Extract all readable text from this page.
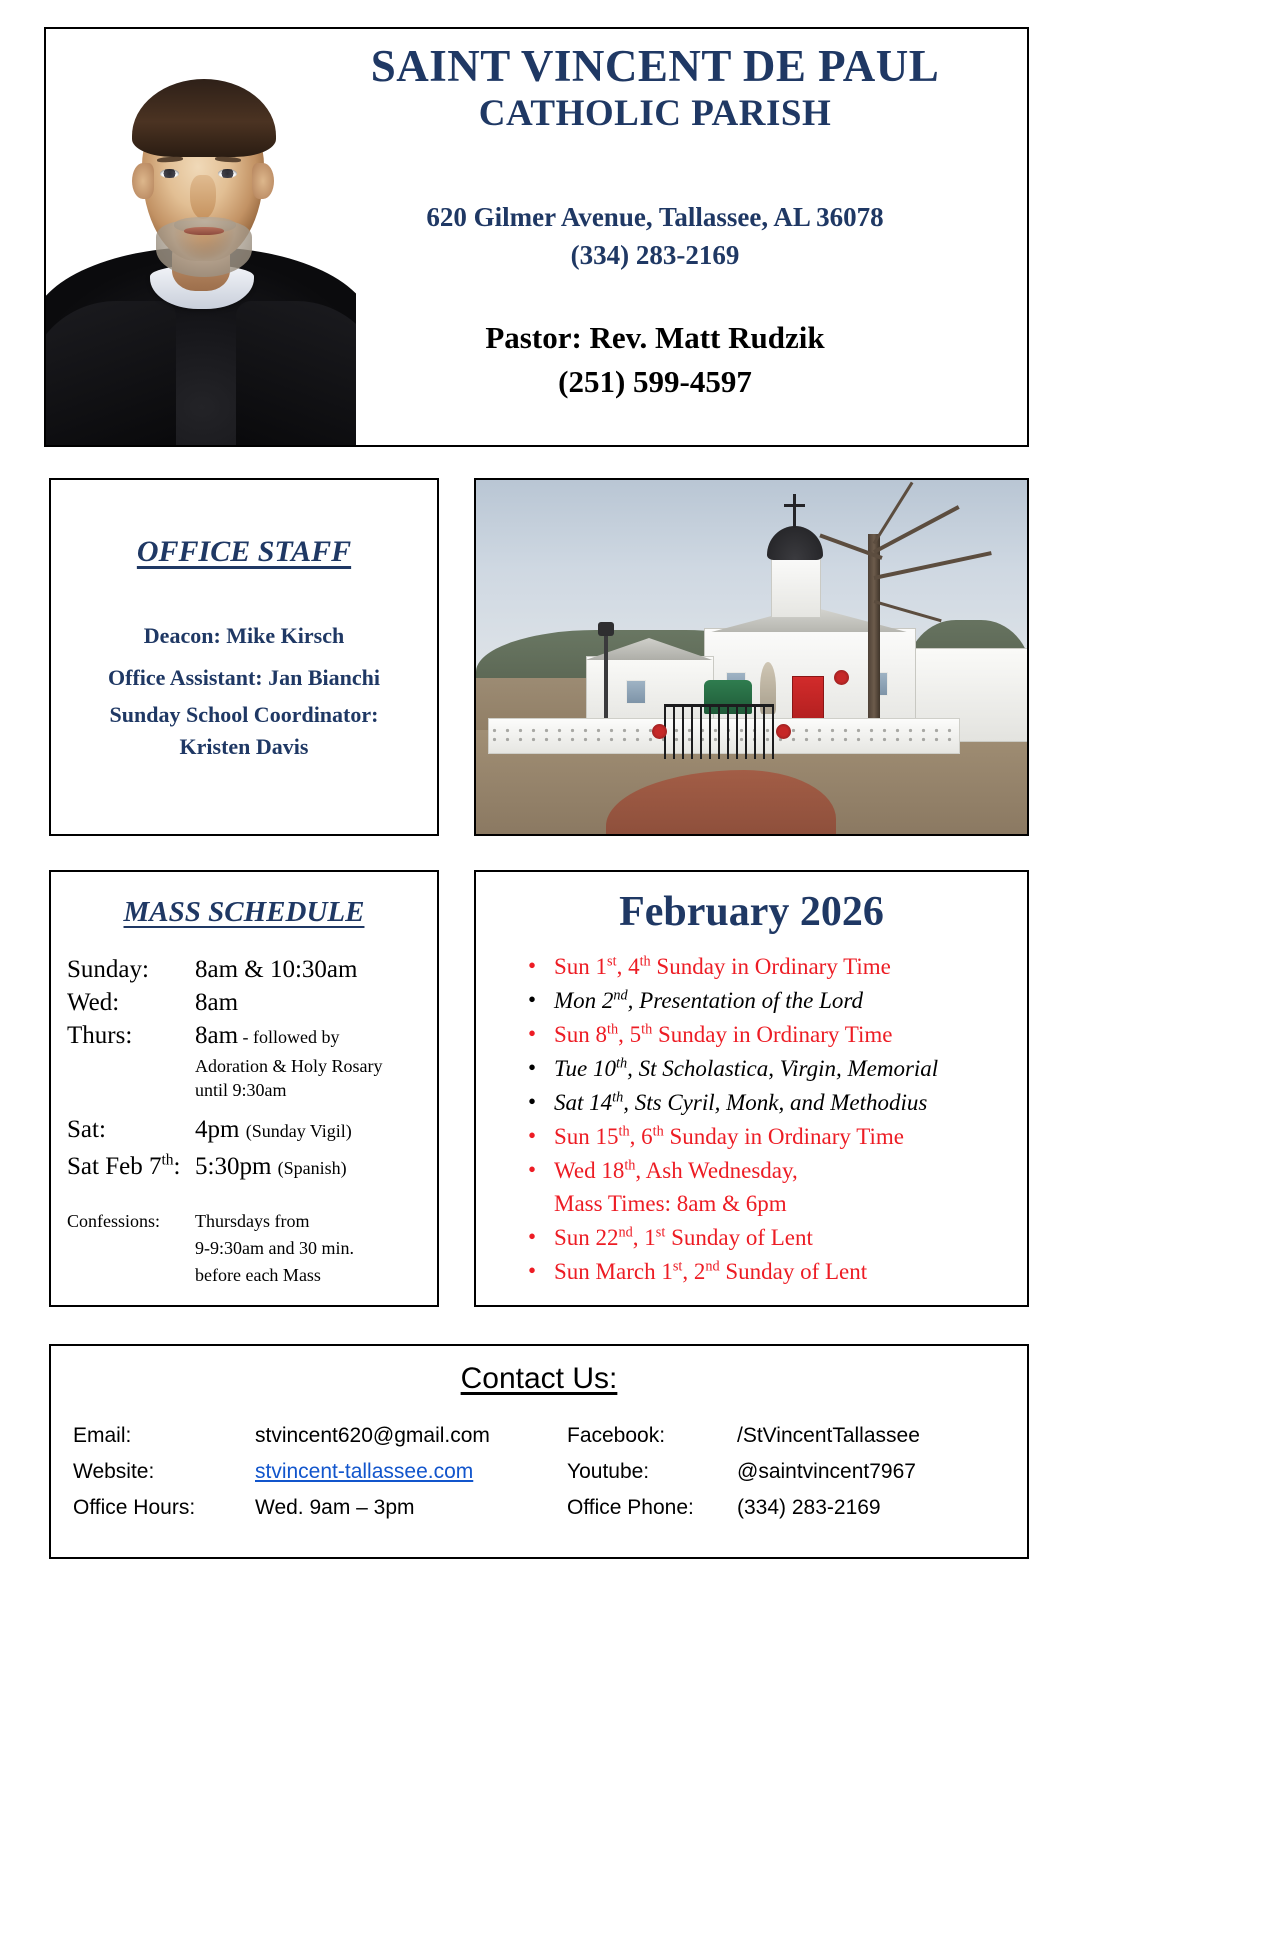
SAINT VINCENT DE PAUL
CATHOLIC PARISH
620 Gilmer Avenue, Tallassee, AL 36078
(334) 283-2169
Pastor: Rev. Matt Rudzik
(251) 599-4597
OFFICE STAFF
Deacon: Mike Kirsch
Office Assistant: Jan Bianchi
Sunday School Coordinator:
Kristen Davis
MASS SCHEDULE
Sunday:	8am & 10:30am
Wed:	8am
Thurs:	8am - followed by
Adoration & Holy Rosary
until 9:30am
Sat:	4pm (Sunday Vigil)
Sat Feb 7th: 5:30pm (Spanish)
Confessions:	Thursdays from
9-9:30am and 30 min.
before each Mass
February 2026
• Sun 1st, 4th Sunday in Ordinary Time
• Mon 2nd, Presentation of the Lord
• Sun 8th, 5th Sunday in Ordinary Time
• Tue 10th, St Scholastica, Virgin, Memorial
• Sat 14th, Sts Cyril, Monk, and Methodius
• Sun 15th, 6th Sunday in Ordinary Time
• Wed 18th, Ash Wednesday,
Mass Times: 8am & 6pm
• Sun 22nd, 1st Sunday of Lent
• Sun March 1st, 2nd Sunday of Lent
Contact Us:
Email:	stvincent620@gmail.com
Website:	stvincent-tallassee.com
Office Hours:	Wed. 9am – 3pm
Facebook:	/StVincentTallassee
Youtube:	@saintvincent7967
Office Phone:	(334) 283-2169
